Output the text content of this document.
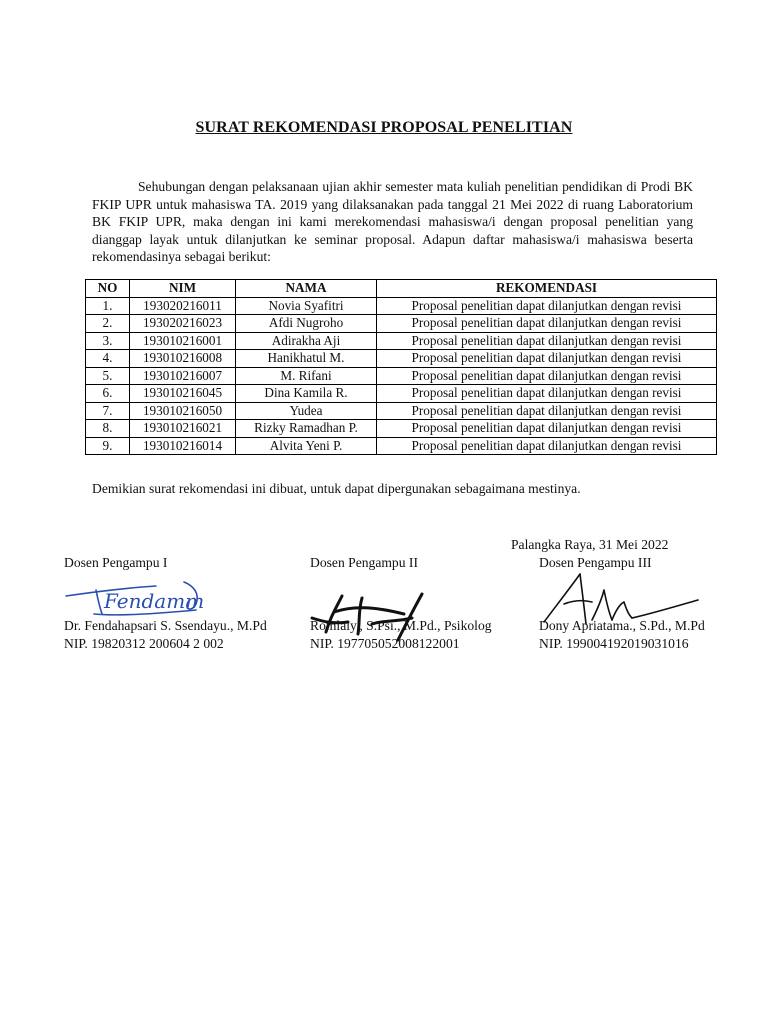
SURAT REKOMENDASI PROPOSAL PENELITIAN

Sehubungan dengan pelaksanaan ujian akhir semester mata kuliah penelitian pendidikan di Prodi BK FKIP UPR untuk mahasiswa TA. 2019 yang dilaksanakan pada tanggal 21 Mei 2022 di ruang Laboratorium BK FKIP UPR, maka dengan ini kami merekomendasi mahasiswa/i dengan proposal penelitian yang dianggap layak untuk dilanjutkan ke seminar proposal. Adapun daftar mahasiswa/i mahasiswa beserta rekomendasinya sebagai berikut:

NO	NIM	NAMA	REKOMENDASI
1.	193020216011	Novia Syafitri	Proposal penelitian dapat dilanjutkan dengan revisi
2.	193020216023	Afdi Nugroho	Proposal penelitian dapat dilanjutkan dengan revisi
3.	193010216001	Adirakha Aji	Proposal penelitian dapat dilanjutkan dengan revisi
4.	193010216008	Hanikhatul M.	Proposal penelitian dapat dilanjutkan dengan revisi
5.	193010216007	M. Rifani	Proposal penelitian dapat dilanjutkan dengan revisi
6.	193010216045	Dina Kamila R.	Proposal penelitian dapat dilanjutkan dengan revisi
7.	193010216050	Yudea	Proposal penelitian dapat dilanjutkan dengan revisi
8.	193010216021	Rizky Ramadhan P.	Proposal penelitian dapat dilanjutkan dengan revisi
9.	193010216014	Alvita Yeni P.	Proposal penelitian dapat dilanjutkan dengan revisi
Demikian surat rekomendasi ini dibuat, untuk dapat dipergunakan sebagaimana mestinya.
Palangka Raya, 31 Mei 2022
Dosen Pengampu I
Fendamm
Dr. Fendahapsari S. Ssendayu., M.Pd
NIP. 19820312 200604 2 002
Dosen Pengampu II
Romlaly., S.Psi., M.Pd., Psikolog
NIP. 197705052008122001
Dosen Pengampu III
Dony Apriatama., S.Pd., M.Pd
NIP. 199004192019031016
